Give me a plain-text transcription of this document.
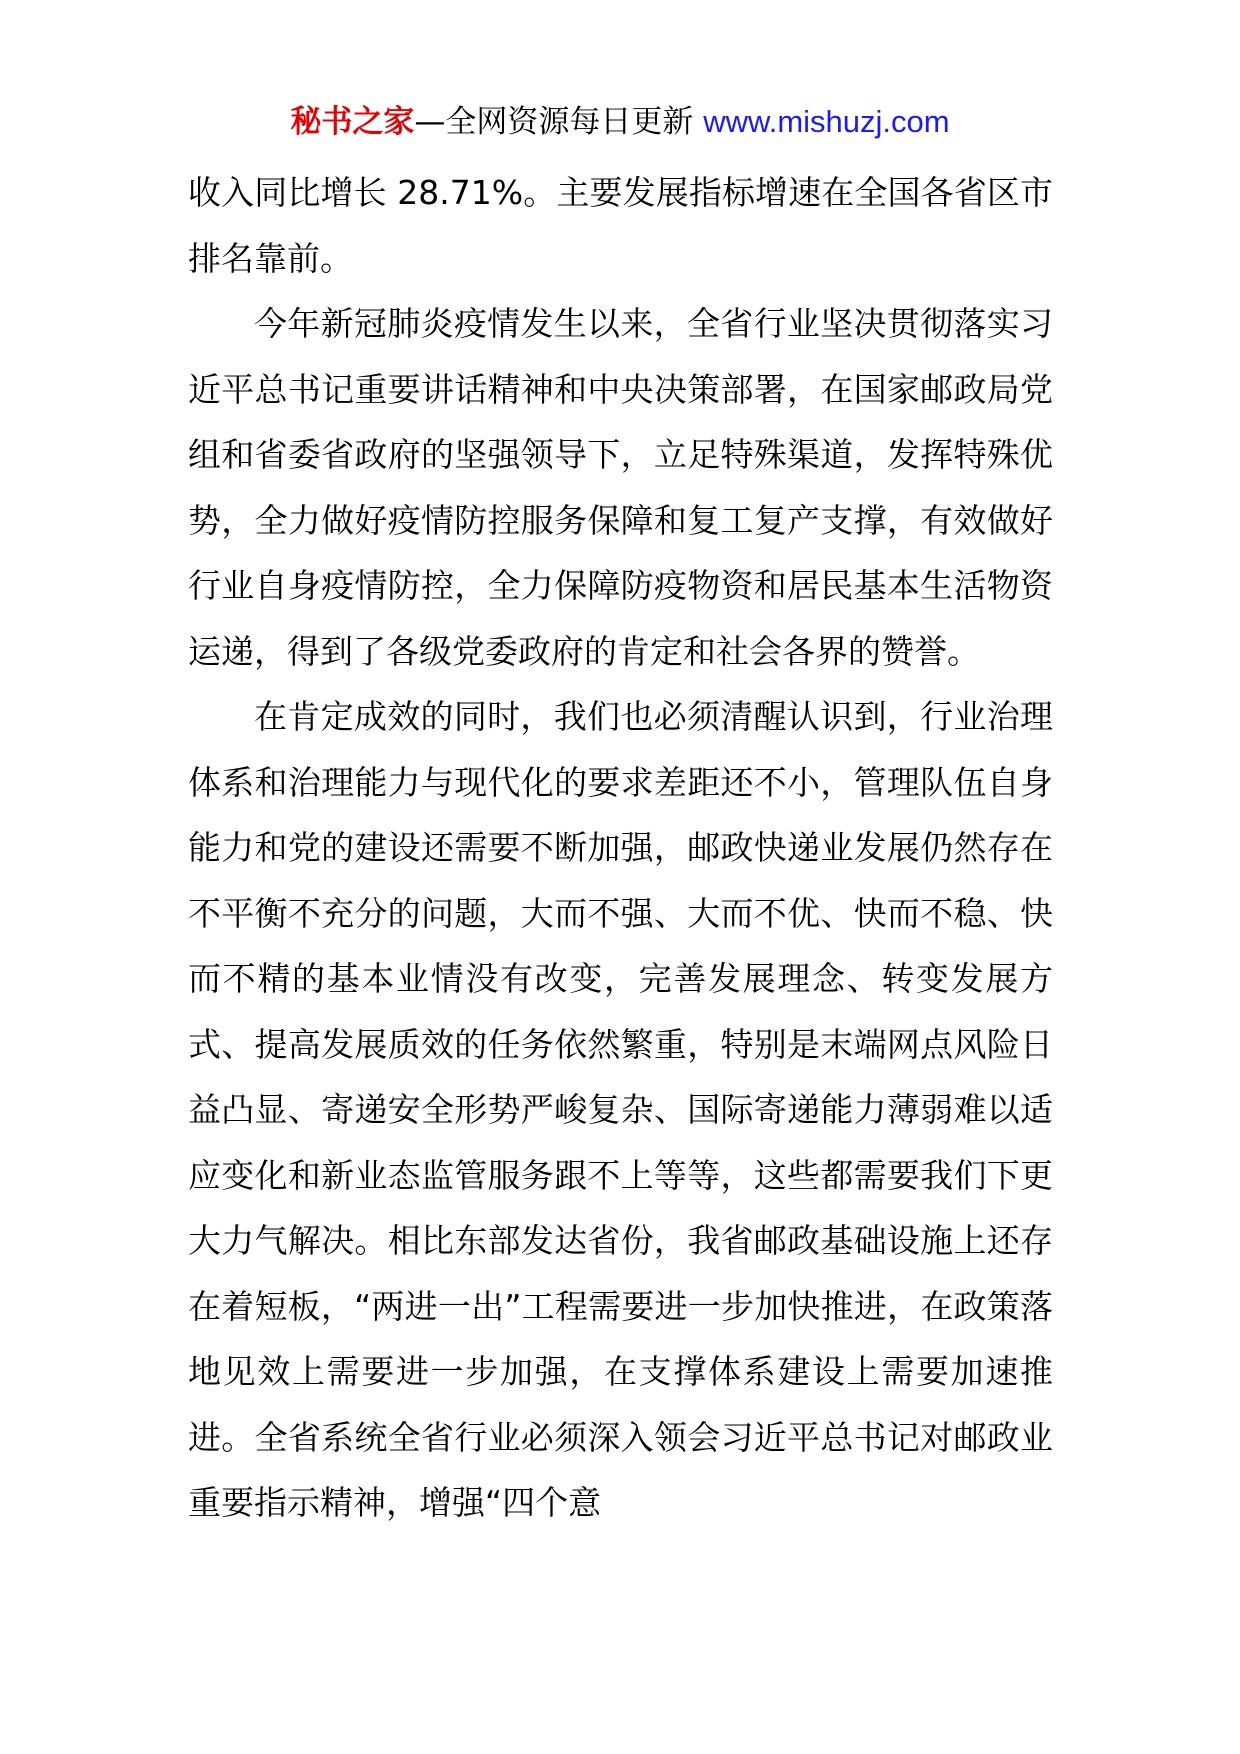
秘书之家—全网资源每日更新 www.mishuzj.com

收入同比增长 28.71%。主要发展指标增速在全国各省区市排名靠前。

今年新冠肺炎疫情发生以来，全省行业坚决贯彻落实习近平总书记重要讲话精神和中央决策部署，在国家邮政局党组和省委省政府的坚强领导下，立足特殊渠道，发挥特殊优势，全力做好疫情防控服务保障和复工复产支撑，有效做好行业自身疫情防控，全力保障防疫物资和居民基本生活物资运递，得到了各级党委政府的肯定和社会各界的赞誉。

在肯定成效的同时，我们也必须清醒认识到，行业治理体系和治理能力与现代化的要求差距还不小，管理队伍自身能力和党的建设还需要不断加强，邮政快递业发展仍然存在不平衡不充分的问题，大而不强、大而不优、快而不稳、快而不精的基本业情没有改变，完善发展理念、转变发展方式、提高发展质效的任务依然繁重，特别是末端网点风险日益凸显、寄递安全形势严峻复杂、国际寄递能力薄弱难以适应变化和新业态监管服务跟不上等等，这些都需要我们下更大力气解决。相比东部发达省份，我省邮政基础设施上还存在着短板，“两进一出”工程需要进一步加快推进，在政策落地见效上需要进一步加强，在支撑体系建设上需要加速推进。全省系统全省行业必须深入领会习近平总书记对邮政业重要指示精神，增强“四个意
